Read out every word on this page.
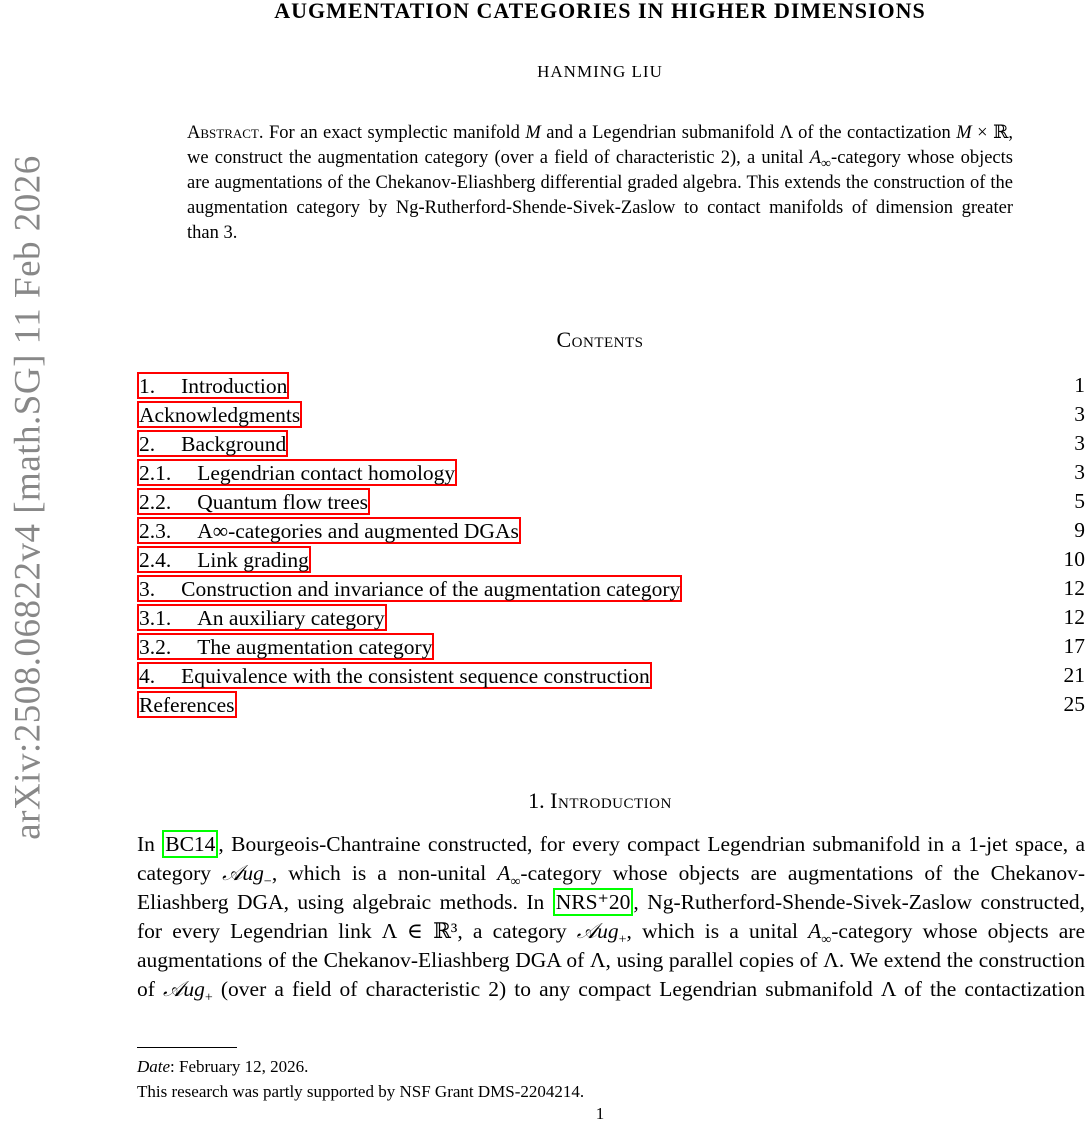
arXiv:2508.06822v4 [math.SG] 11 Feb 2026
AUGMENTATION CATEGORIES IN HIGHER DIMENSIONS
HANMING LIU
Abstract. For an exact symplectic manifold M and a Legendrian submanifold Λ of the contactization M × ℝ, we construct the augmentation category (over a field of characteristic 2), a unital $A_\infty$-category whose objects are augmentations of the Chekanov-Eliashberg differential graded algebra. This extends the construction of the augmentation category by Ng-Rutherford-Shende-Sivek-Zaslow to contact manifolds of dimension greater than 3.
Contents
1. Introduction	1
Acknowledgments	3
2. Background	3
2.1. Legendrian contact homology	3
2.2. Quantum flow trees	5
2.3. A∞-categories and augmented DGAs	9
2.4. Link grading	10
3. Construction and invariance of the augmentation category	12
3.1. An auxiliary category	12
3.2. The augmentation category	17
4. Equivalence with the consistent sequence construction	21
References	25
1. Introduction
In BC14 , Bourgeois-Chantraine constructed, for every compact Legendrian submanifold in a 1-jet space, a category 𝒜ug$_-$, which is a non-unital $A_\infty$-category whose objects are augmentations of the Chekanov-Eliashberg DGA, using algebraic methods. In NRS⁺20 , Ng-Rutherford-Shende-Sivek-Zaslow constructed, for every Legendrian link Λ ∈ ℝ³, a category 𝒜ug$_+$, which is a unital $A_\infty$-category whose objects are augmentations of the Chekanov-Eliashberg DGA of Λ, using parallel copies of Λ. We extend the construction of 𝒜ug$_+$ (over a field of characteristic 2) to any compact Legendrian submanifold Λ of the contactization
Date: February 12, 2026.
This research was partly supported by NSF Grant DMS-2204214.
1
